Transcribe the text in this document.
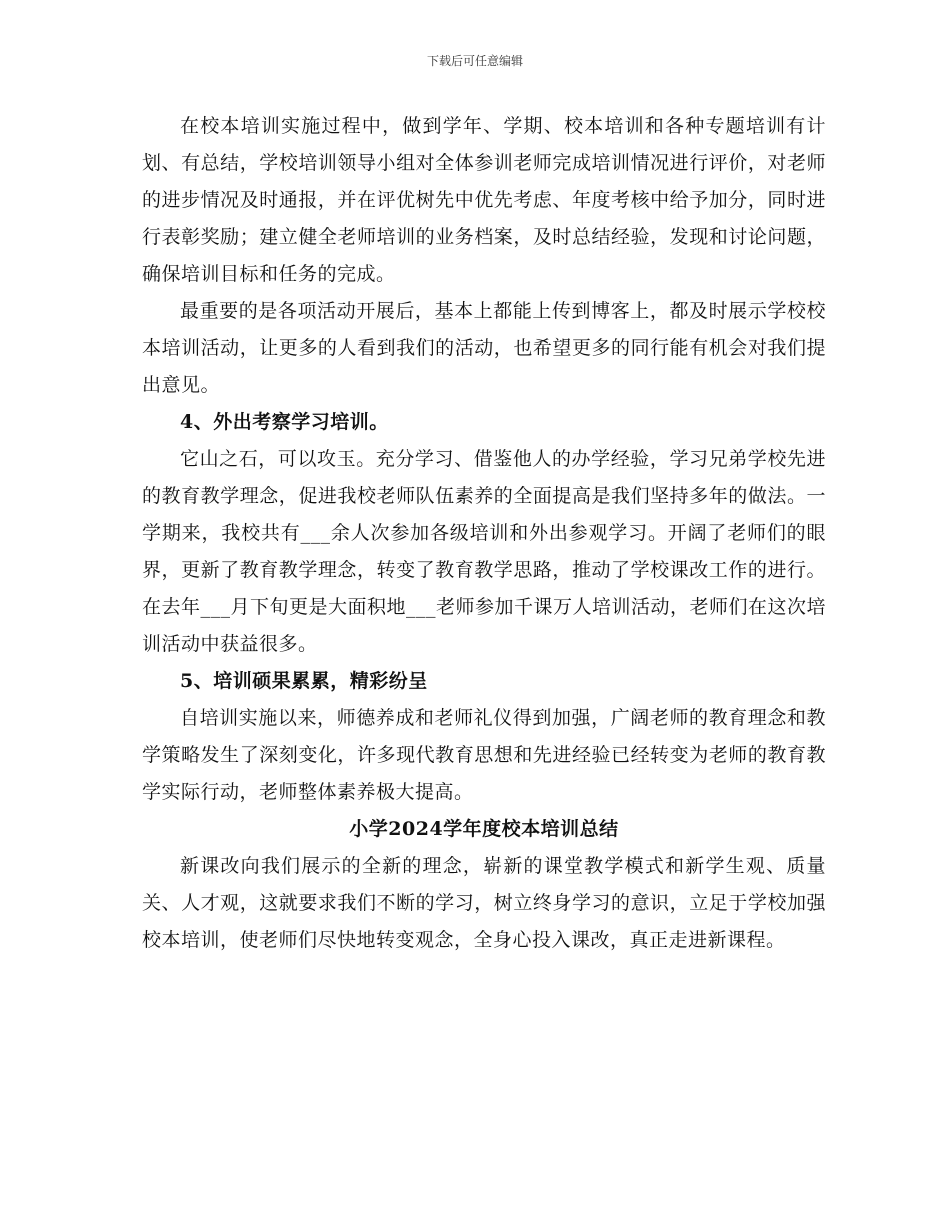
下载后可任意编辑

在校本培训实施过程中，做到学年、学期、校本培训和各种专题培训有计划、有总结，学校培训领导小组对全体参训老师完成培训情况进行评价，对老师的进步情况及时通报，并在评优树先中优先考虑、年度考核中给予加分，同时进行表彰奖励；建立健全老师培训的业务档案，及时总结经验，发现和讨论问题，确保培训目标和任务的完成。

最重要的是各项活动开展后，基本上都能上传到博客上，都及时展示学校校本培训活动，让更多的人看到我们的活动，也希望更多的同行能有机会对我们提出意见。

4、外出考察学习培训。

它山之石，可以攻玉。充分学习、借鉴他人的办学经验，学习兄弟学校先进的教育教学理念，促进我校老师队伍素养的全面提高是我们坚持多年的做法。一学期来，我校共有___余人次参加各级培训和外出参观学习。开阔了老师们的眼界，更新了教育教学理念，转变了教育教学思路，推动了学校课改工作的进行。在去年___月下旬更是大面积地___老师参加千课万人培训活动，老师们在这次培训活动中获益很多。

5、培训硕果累累，精彩纷呈

自培训实施以来，师德养成和老师礼仪得到加强，广阔老师的教育理念和教学策略发生了深刻变化，许多现代教育思想和先进经验已经转变为老师的教育教学实际行动，老师整体素养极大提高。

小学2024学年度校本培训总结

新课改向我们展示的全新的理念，崭新的课堂教学模式和新学生观、质量关、人才观，这就要求我们不断的学习，树立终身学习的意识，立足于学校加强校本培训，使老师们尽快地转变观念，全身心投入课改，真正走进新课程。
